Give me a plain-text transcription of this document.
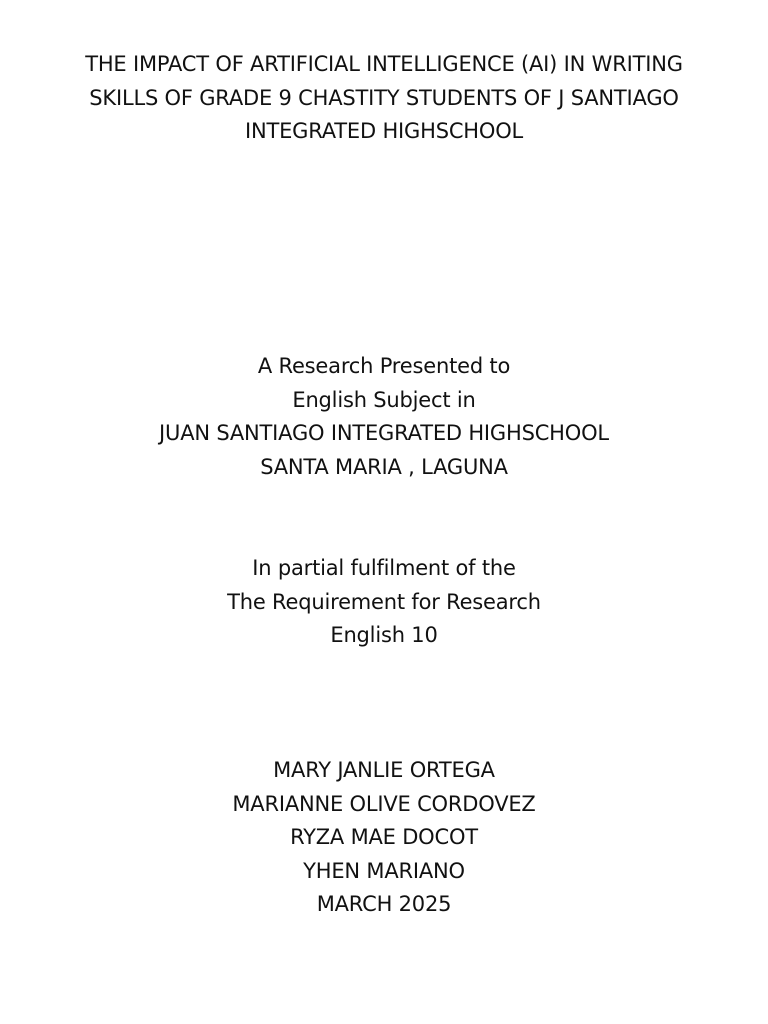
THE IMPACT OF ARTIFICIAL INTELLIGENCE (AI) IN WRITING
SKILLS OF GRADE 9 CHASTITY STUDENTS OF J SANTIAGO
INTEGRATED HIGHSCHOOL
A Research Presented to
English Subject in
JUAN SANTIAGO INTEGRATED HIGHSCHOOL
SANTA MARIA , LAGUNA
In partial fulfilment of the
The Requirement for Research
English 10
MARY JANLIE ORTEGA
MARIANNE OLIVE CORDOVEZ
RYZA MAE DOCOT
YHEN MARIANO
MARCH 2025
